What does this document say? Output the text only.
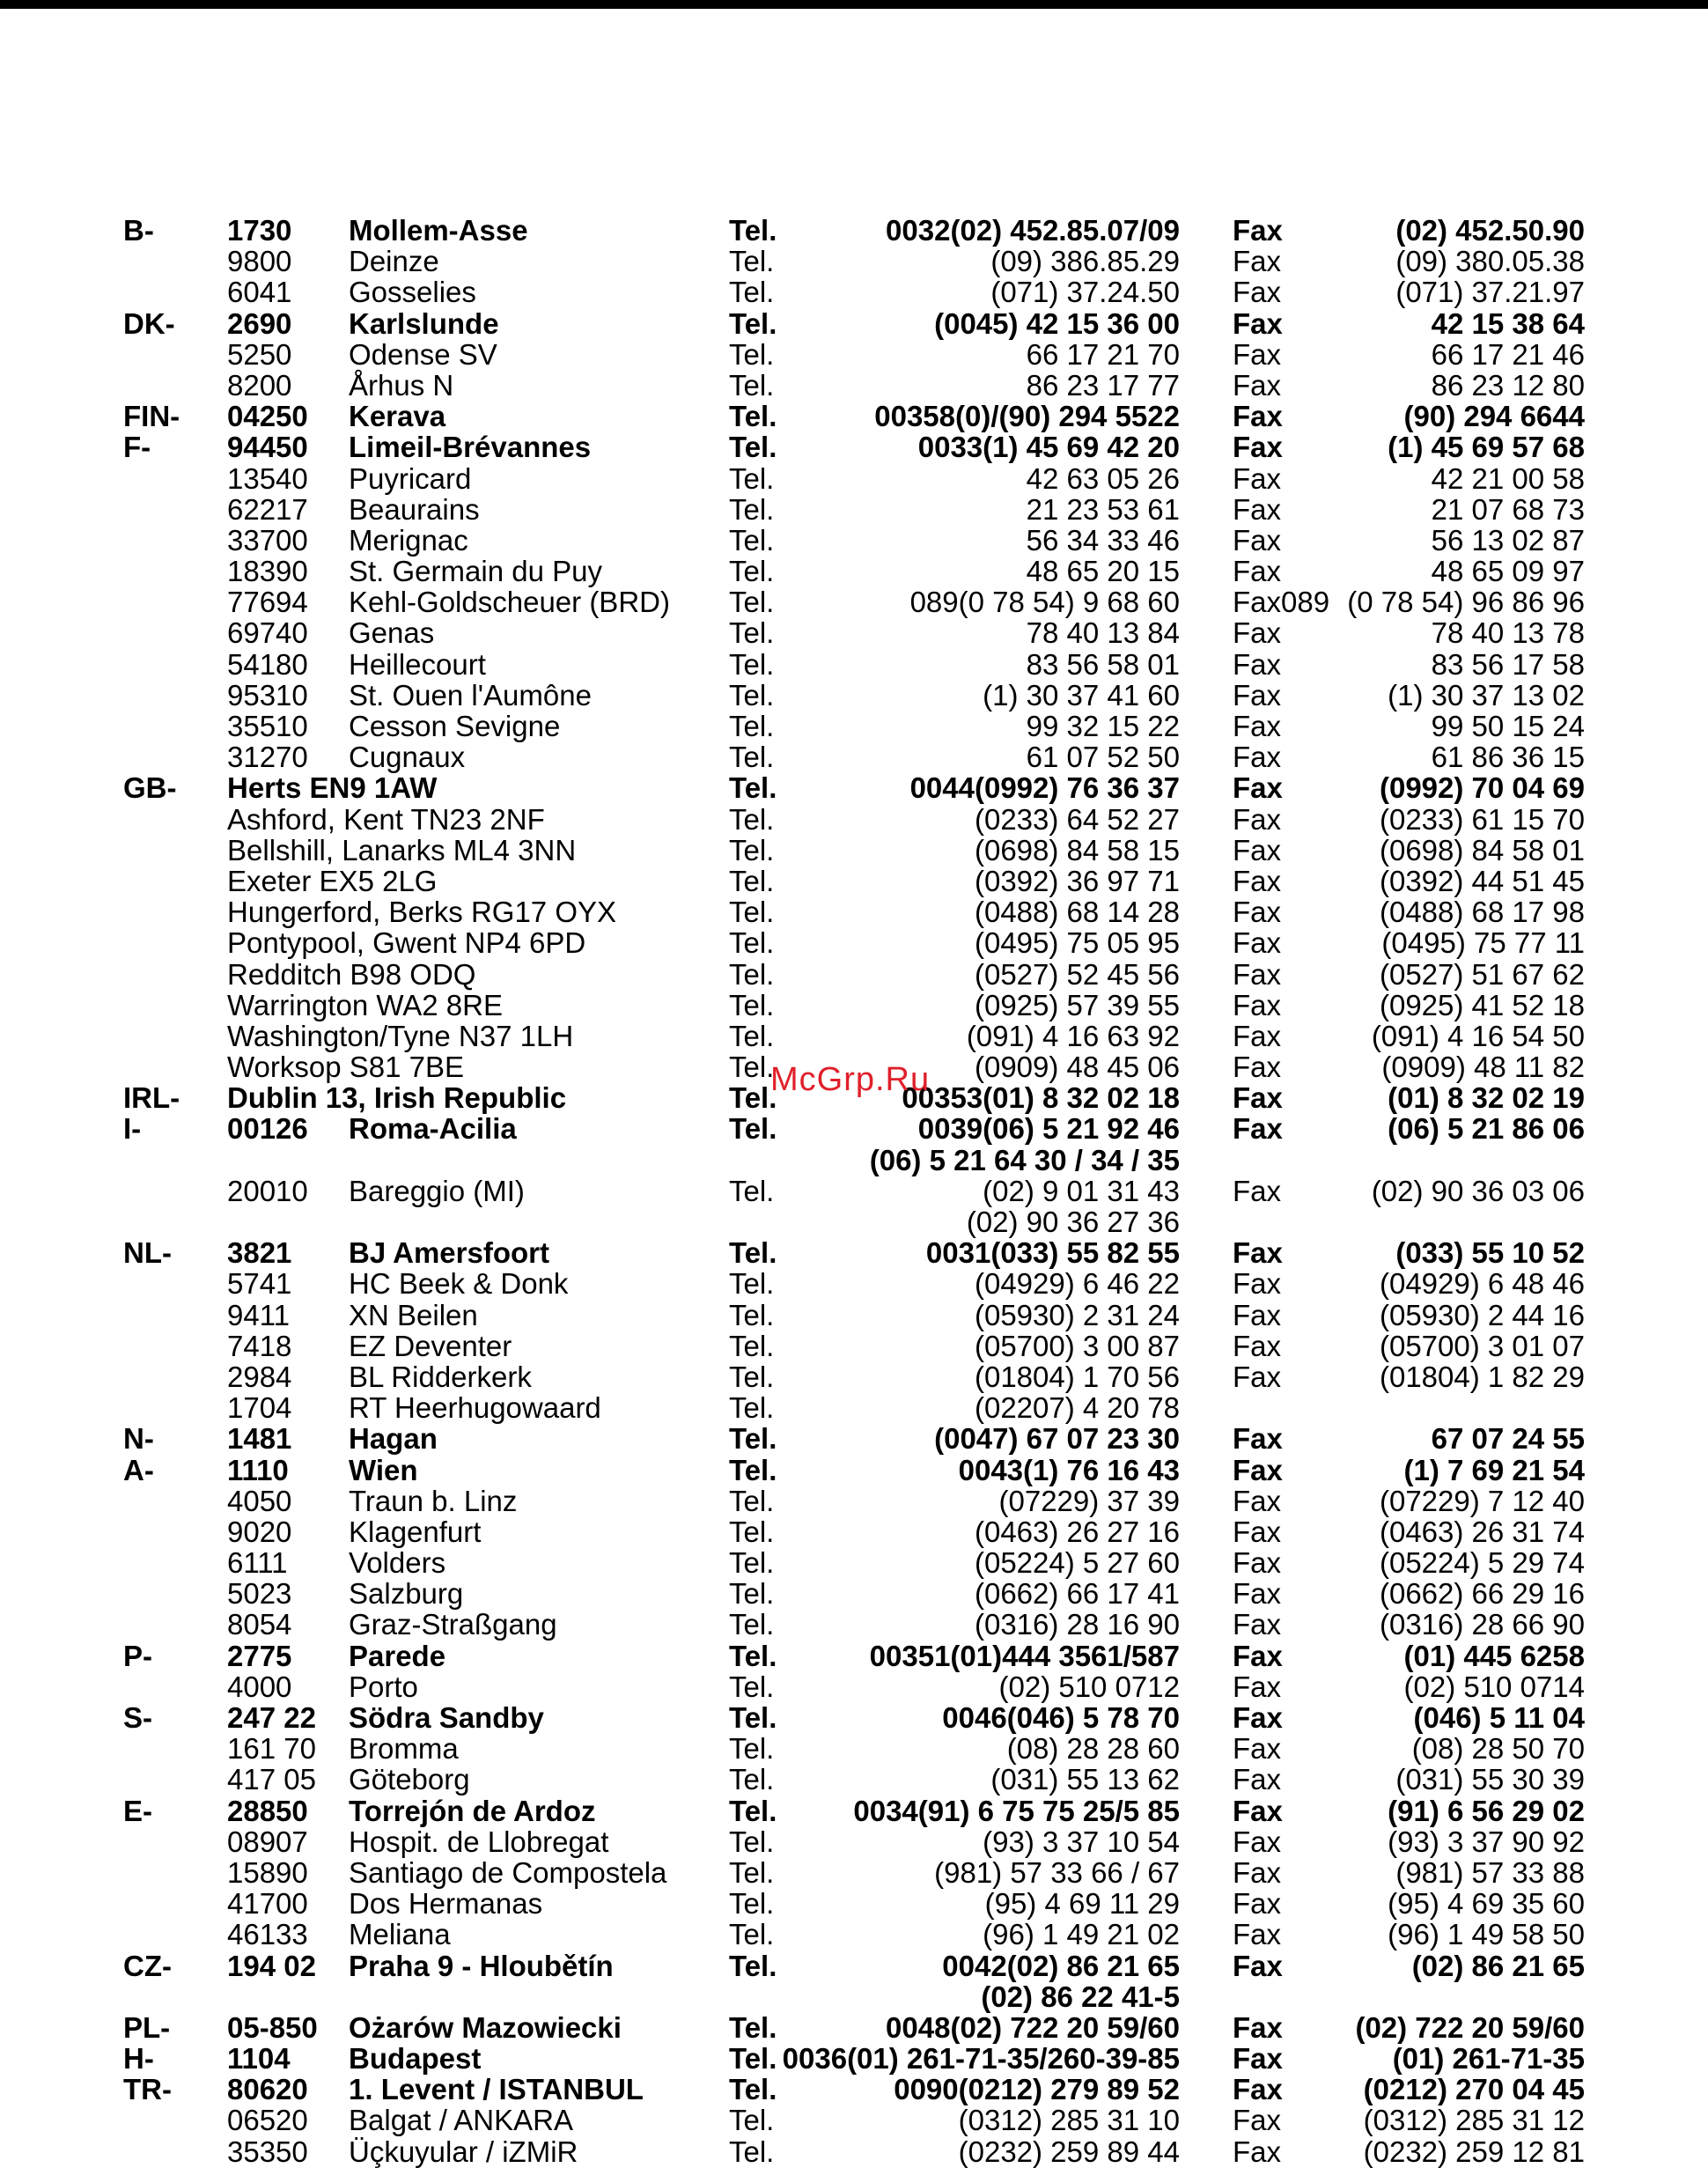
B-	1730 Mollem-Asse	Tel.	0032(02) 452.85.07/09 Fax	(02) 452.50.90
9800 Deinze	Tel.	(09) 386.85.29 Fax	(09) 380.05.38
6041 Gosselies	Tel.	(071) 37.24.50 Fax	(071) 37.21.97
DK- 2690 Karlslunde	Tel.	(0045) 42 15 36 00 Fax	42 15 38 64
5250 Odense SV	Tel.	66 17 21 70 Fax	66 17 21 46
8200 Århus N	Tel.	86 23 17 77 Fax	86 23 12 80
FIN- 04250 Kerava	Tel.	00358(0)/(90) 294 5522 Fax	(90) 294 6644
F-	94450 Limeil-Brévannes	Tel.	0033(1) 45 69 42 20 Fax	(1) 45 69 57 68
13540 Puyricard	Tel.	42 63 05 26 Fax	42 21 00 58
62217 Beaurains	Tel.	21 23 53 61 Fax	21 07 68 73
33700 Merignac	Tel.	56 34 33 46 Fax	56 13 02 87
18390 St. Germain du Puy	Tel.	48 65 20 15 Fax	48 65 09 97
77694 Kehl-Goldscheuer (BRD) Tel.	089(0 78 54) 9 68 60 Fax089 (0 78 54) 96 86 96
69740 Genas	Tel.	78 40 13 84 Fax	78 40 13 78
54180 Heillecourt	Tel.	83 56 58 01 Fax	83 56 17 58
95310 St. Ouen l'Aumône	Tel.	(1) 30 37 41 60 Fax	(1) 30 37 13 02
35510 Cesson Sevigne	Tel.	99 32 15 22 Fax	99 50 15 24
31270 Cugnaux	Tel.	61 07 52 50 Fax	61 86 36 15
GB- Herts EN9 1AW	Tel.	0044(0992) 76 36 37 Fax	(0992) 70 04 69
Ashford, Kent TN23 2NF	Tel.	(0233) 64 52 27 Fax	(0233) 61 15 70
Bellshill, Lanarks ML4 3NN	Tel.	(0698) 84 58 15 Fax	(0698) 84 58 01
Exeter EX5 2LG	Tel.	(0392) 36 97 71 Fax	(0392) 44 51 45
Hungerford, Berks RG17 OYX	Tel.	(0488) 68 14 28 Fax	(0488) 68 17 98
Pontypool, Gwent NP4 6PD	Tel.	(0495) 75 05 95 Fax	(0495) 75 77 11
Redditch B98 ODQ	Tel.	(0527) 52 45 56 Fax	(0527) 51 67 62
Warrington WA2 8RE	Tel.	(0925) 57 39 55 Fax	(0925) 41 52 18
Washington/Tyne N37 1LH	Tel.	(091) 4 16 63 92 Fax	(091) 4 16 54 50
Worksop S81 7BE	Tel.	(0909) 48 45 06 Fax	(0909) 48 11 82
IRL- Dublin 13, Irish Republic	Tel.	00353(01) 8 32 02 18 Fax	(01) 8 32 02 19
I-	00126 Roma-Acilia	Tel.	0039(06) 5 21 92 46 Fax	(06) 5 21 86 06
(06) 5 21 64 30 / 34 / 35
20010 Bareggio (MI)	Tel.	(02) 9 01 31 43 Fax	(02) 90 36 03 06
(02) 90 36 27 36
NL- 3821 BJ Amersfoort	Tel.	0031(033) 55 82 55 Fax	(033) 55 10 52
5741 HC Beek & Donk	Tel.	(04929) 6 46 22 Fax	(04929) 6 48 46
9411 XN Beilen	Tel.	(05930) 2 31 24 Fax	(05930) 2 44 16
7418 EZ Deventer	Tel.	(05700) 3 00 87 Fax	(05700) 3 01 07
2984 BL Ridderkerk	Tel.	(01804) 1 70 56 Fax	(01804) 1 82 29
1704 RT Heerhugowaard	Tel.	(02207) 4 20 78
N-	1481 Hagan	Tel.	(0047) 67 07 23 30 Fax	67 07 24 55
A-	1110 Wien	Tel.	0043(1) 76 16 43 Fax	(1) 7 69 21 54
4050 Traun b. Linz	Tel.	(07229) 37 39 Fax	(07229) 7 12 40
9020 Klagenfurt	Tel.	(0463) 26 27 16 Fax	(0463) 26 31 74
6111 Volders	Tel.	(05224) 5 27 60 Fax	(05224) 5 29 74
5023 Salzburg	Tel.	(0662) 66 17 41 Fax	(0662) 66 29 16
8054 Graz-Straßgang	Tel.	(0316) 28 16 90 Fax	(0316) 28 66 90
P-	2775 Parede	Tel.	00351(01)444 3561/587 Fax	(01) 445 6258
4000 Porto	Tel.	(02) 510 0712 Fax	(02) 510 0714
S-	247 22 Södra Sandby	Tel.	0046(046) 5 78 70 Fax	(046) 5 11 04
161 70 Bromma	Tel.	(08) 28 28 60 Fax	(08) 28 50 70
417 05 Göteborg	Tel.	(031) 55 13 62 Fax	(031) 55 30 39
E-	28850 Torrejón de Ardoz	Tel.	0034(91) 6 75 75 25/5 85 Fax	(91) 6 56 29 02
08907 Hospit. de Llobregat	Tel.	(93) 3 37 10 54 Fax	(93) 3 37 90 92
15890 Santiago de Compostela Tel.	(981) 57 33 66 / 67 Fax	(981) 57 33 88
41700 Dos Hermanas	Tel.	(95) 4 69 11 29 Fax	(95) 4 69 35 60
46133 Meliana	Tel.	(96) 1 49 21 02 Fax	(96) 1 49 58 50
CZ- 194 02 Praha 9 - Hloubětín	Tel.	0042(02) 86 21 65 Fax	(02) 86 21 65
(02) 86 22 41-5
PL- 05-850 Ożarów Mazowiecki	Tel.	0048(02) 722 20 59/60 Fax	(02) 722 20 59/60
H-	1104 Budapest	Tel. 0036(01) 261-71-35/260-39-85 Fax	(01) 261-71-35
TR- 80620 1. Levent / ISTANBUL	Tel.	0090(0212) 279 89 52 Fax	(0212) 270 04 45
06520 Balgat / ANKARA	Tel.	(0312) 285 31 10 Fax	(0312) 285 31 12
35350 Üçkuyular / iZMiR	Tel.	(0232) 259 89 44 Fax	(0232) 259 12 81
McGrp.Ru
